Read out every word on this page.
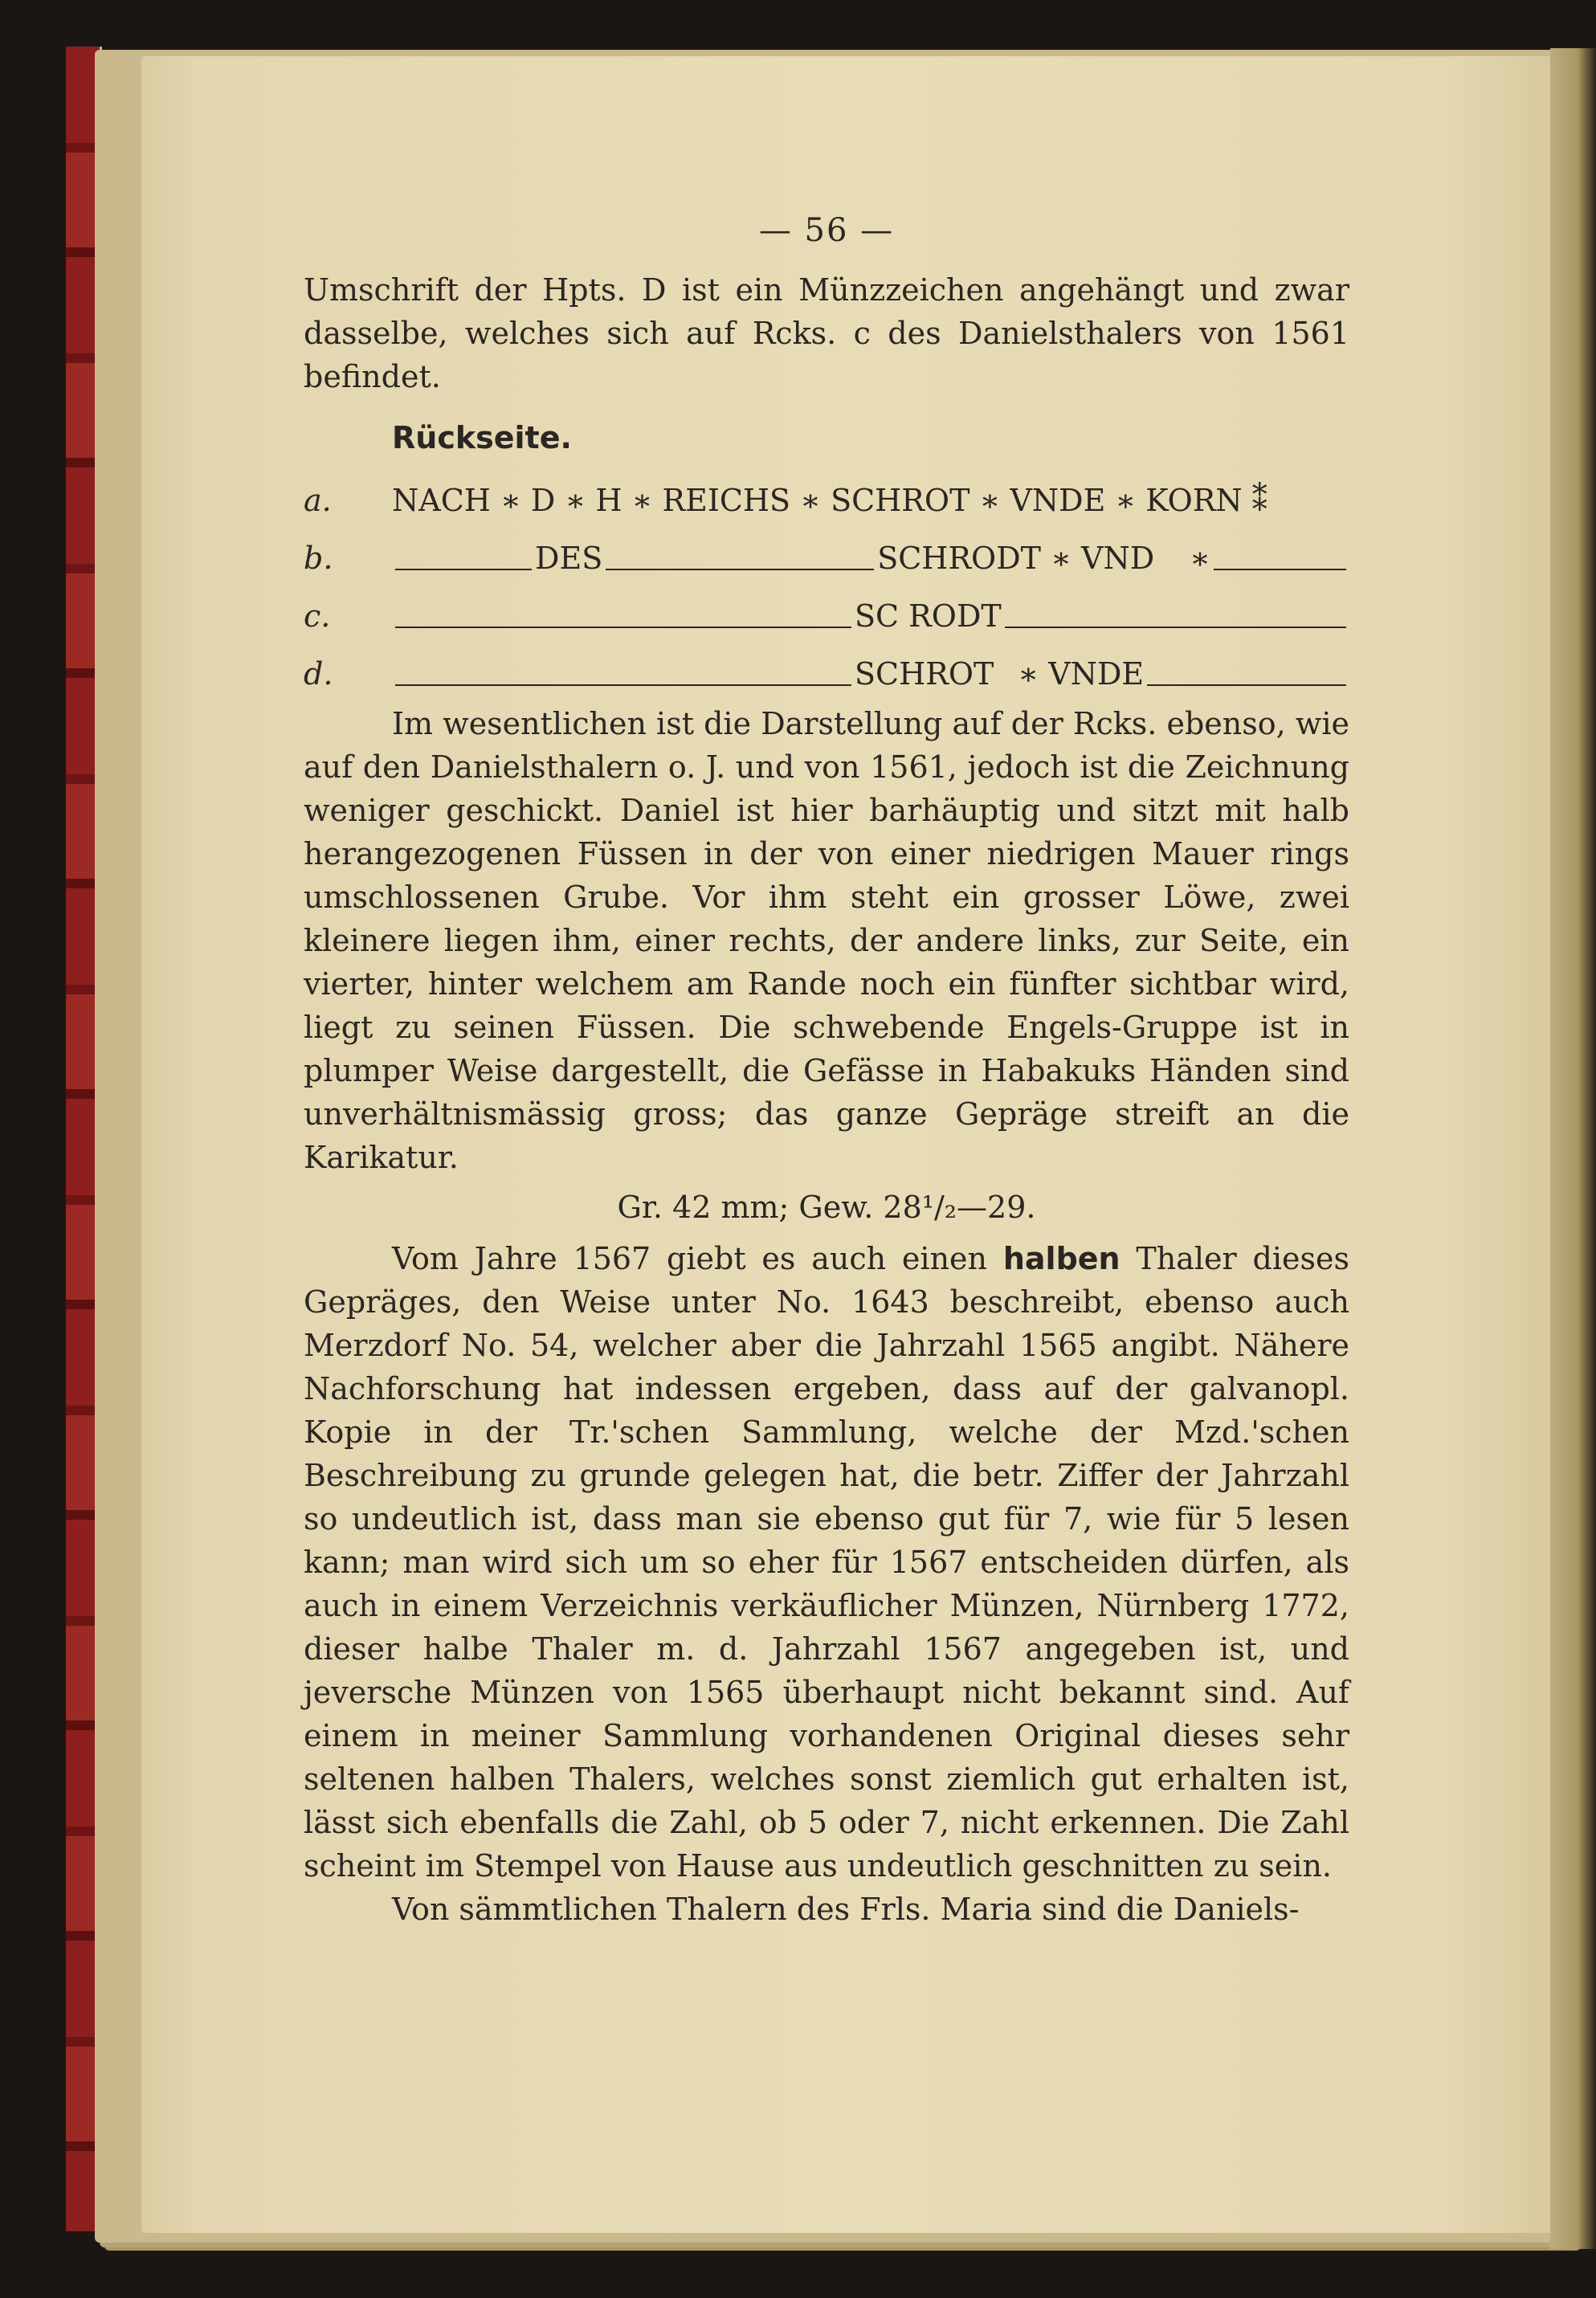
— 56 —

Umschrift der Hpts. D ist ein Münzzeichen angehängt und zwar dasselbe, welches sich auf Rcks. c des Danielsthalers von 1561 befindet.

Rückseite.
a.	NACH ∗ D ∗ H ∗ REICHS ∗ SCHROT ∗ VNDE ∗ KORN ⁑
b.	DES	SCHRODT ∗ VND ∗
c.	SC RODT
d.	SCHROT ∗ VNDE

Im wesentlichen ist die Darstellung auf der Rcks. ebenso, wie auf den Danielsthalern o. J. und von 1561, jedoch ist die Zeichnung weniger geschickt. Daniel ist hier barhäuptig und sitzt mit halb herangezogenen Füssen in der von einer niedrigen Mauer rings umschlossenen Grube. Vor ihm steht ein grosser Löwe, zwei kleinere liegen ihm, einer rechts, der andere links, zur Seite, ein vierter, hinter welchem am Rande noch ein fünfter sichtbar wird, liegt zu seinen Füssen. Die schwebende Engels-Gruppe ist in plumper Weise dargestellt, die Gefässe in Habakuks Händen sind unverhältnismässig gross; das ganze Gepräge streift an die Karikatur.

Gr. 42 mm; Gew. 28¹/₂—29.

Vom Jahre 1567 giebt es auch einen halben Thaler dieses Gepräges, den Weise unter No. 1643 beschreibt, ebenso auch Merzdorf No. 54, welcher aber die Jahrzahl 1565 angibt. Nähere Nachforschung hat indessen ergeben, dass auf der galvanopl. Kopie in der Tr.'schen Sammlung, welche der Mzd.'schen Beschreibung zu grunde gelegen hat, die betr. Ziffer der Jahrzahl so undeutlich ist, dass man sie ebenso gut für 7, wie für 5 lesen kann; man wird sich um so eher für 1567 entscheiden dürfen, als auch in einem Verzeichnis verkäuflicher Münzen, Nürnberg 1772, dieser halbe Thaler m. d. Jahrzahl 1567 angegeben ist, und jeversche Münzen von 1565 überhaupt nicht bekannt sind. Auf einem in meiner Sammlung vorhandenen Original dieses sehr seltenen halben Thalers, welches sonst ziemlich gut erhalten ist, lässt sich ebenfalls die Zahl, ob 5 oder 7, nicht erkennen. Die Zahl scheint im Stempel von Hause aus undeutlich geschnitten zu sein.

Von sämmtlichen Thalern des Frls. Maria sind die Daniels-
